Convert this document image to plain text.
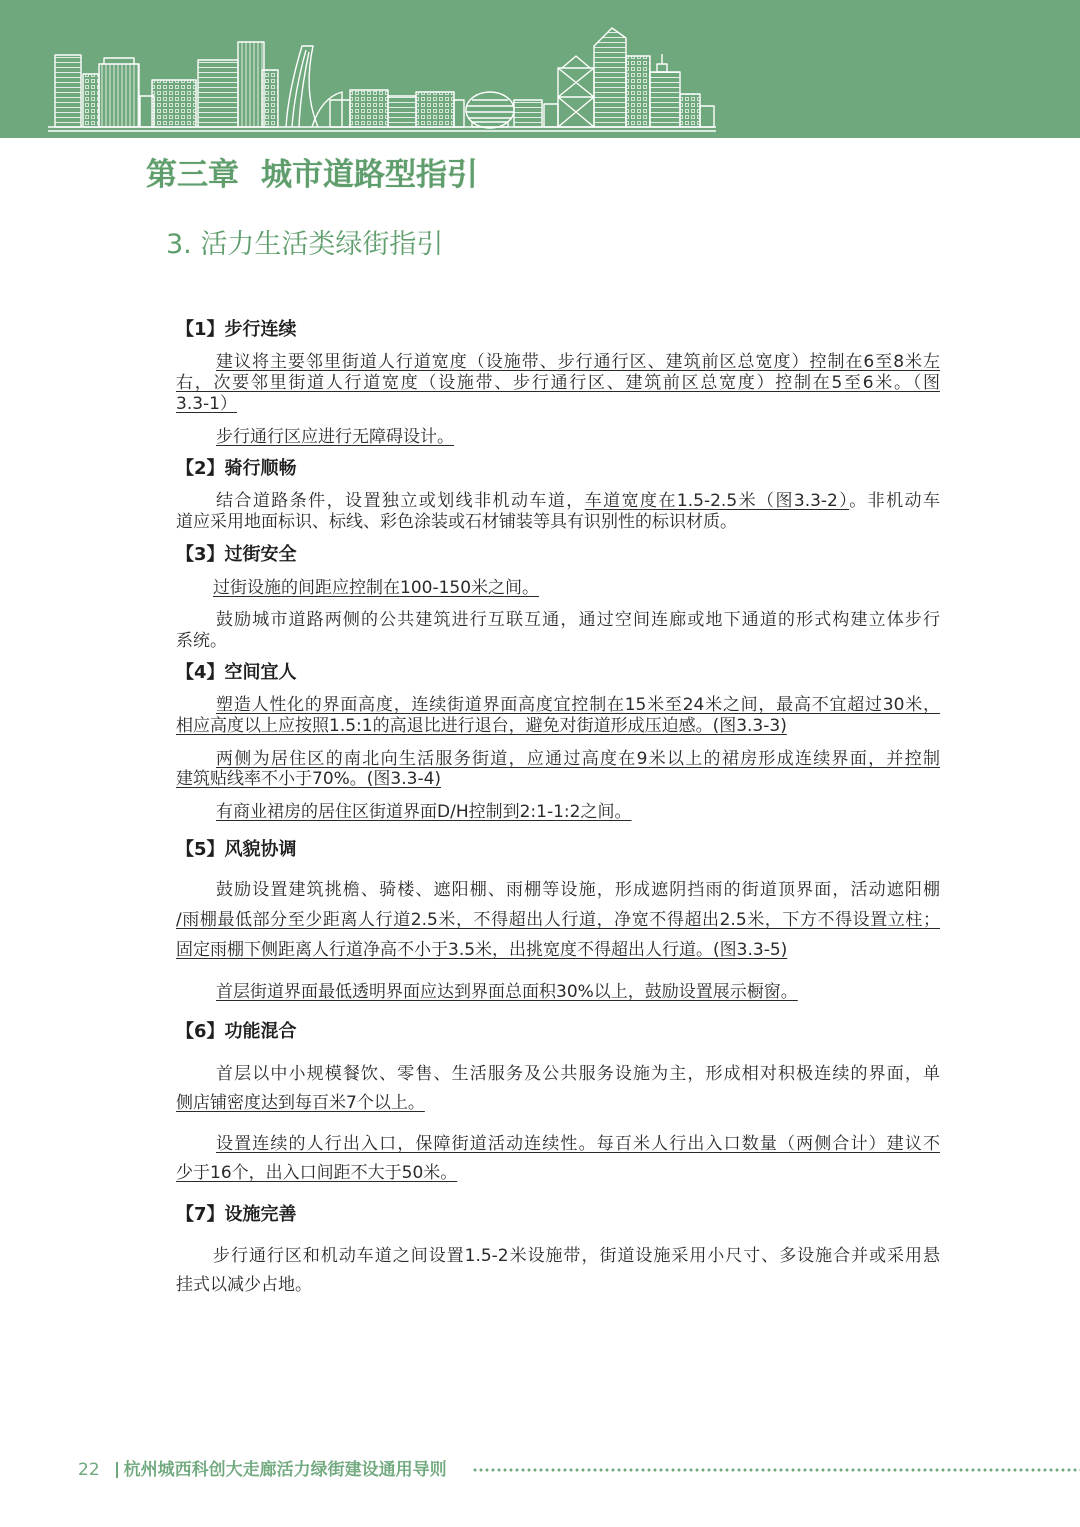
第三章 城市道路型指引
3. 活力生活类绿街指引
【1】步行连续
建议将主要邻里街道人行道宽度（设施带、步行通行区、建筑前区总宽度）控制在6至8米左
右，次要邻里街道人行道宽度（设施带、步行通行区、建筑前区总宽度）控制在5至6米。（图
3.3-1）
步行通行区应进行无障碍设计。
【2】骑行顺畅
结合道路条件，设置独立或划线非机动车道，车道宽度在1.5-2.5米（图3.3-2）。非机动车
道应采用地面标识、标线、彩色涂装或石材铺装等具有识别性的标识材质。
【3】过街安全
过街设施的间距应控制在100-150米之间。
鼓励城市道路两侧的公共建筑进行互联互通，通过空间连廊或地下通道的形式构建立体步行
系统。
【4】空间宜人
塑造人性化的界面高度，连续街道界面高度宜控制在15米至24米之间，最高不宜超过30米，
相应高度以上应按照1.5:1的高退比进行退台，避免对街道形成压迫感。(图3.3-3)
两侧为居住区的南北向生活服务街道，应通过高度在9米以上的裙房形成连续界面，并控制
建筑贴线率不小于70%。(图3.3-4)
有商业裙房的居住区街道界面D/H控制到2:1-1:2之间。
【5】风貌协调
鼓励设置建筑挑檐、骑楼、遮阳棚、雨棚等设施，形成遮阴挡雨的街道顶界面，活动遮阳棚
/雨棚最低部分至少距离人行道2.5米，不得超出人行道，净宽不得超出2.5米，下方不得设置立柱；
固定雨棚下侧距离人行道净高不小于3.5米，出挑宽度不得超出人行道。(图3.3-5)
首层街道界面最低透明界面应达到界面总面积30%以上，鼓励设置展示橱窗。
【6】功能混合
首层以中小规模餐饮、零售、生活服务及公共服务设施为主，形成相对积极连续的界面，单
侧店铺密度达到每百米7个以上。
设置连续的人行出入口，保障街道活动连续性。每百米人行出入口数量（两侧合计）建议不
少于16个，出入口间距不大于50米。
【7】设施完善
步行通行区和机动车道之间设置1.5-2米设施带，街道设施采用小尺寸、多设施合并或采用悬
挂式以减少占地。
22 杭州城西科创大走廊活力绿街建设通用导则
